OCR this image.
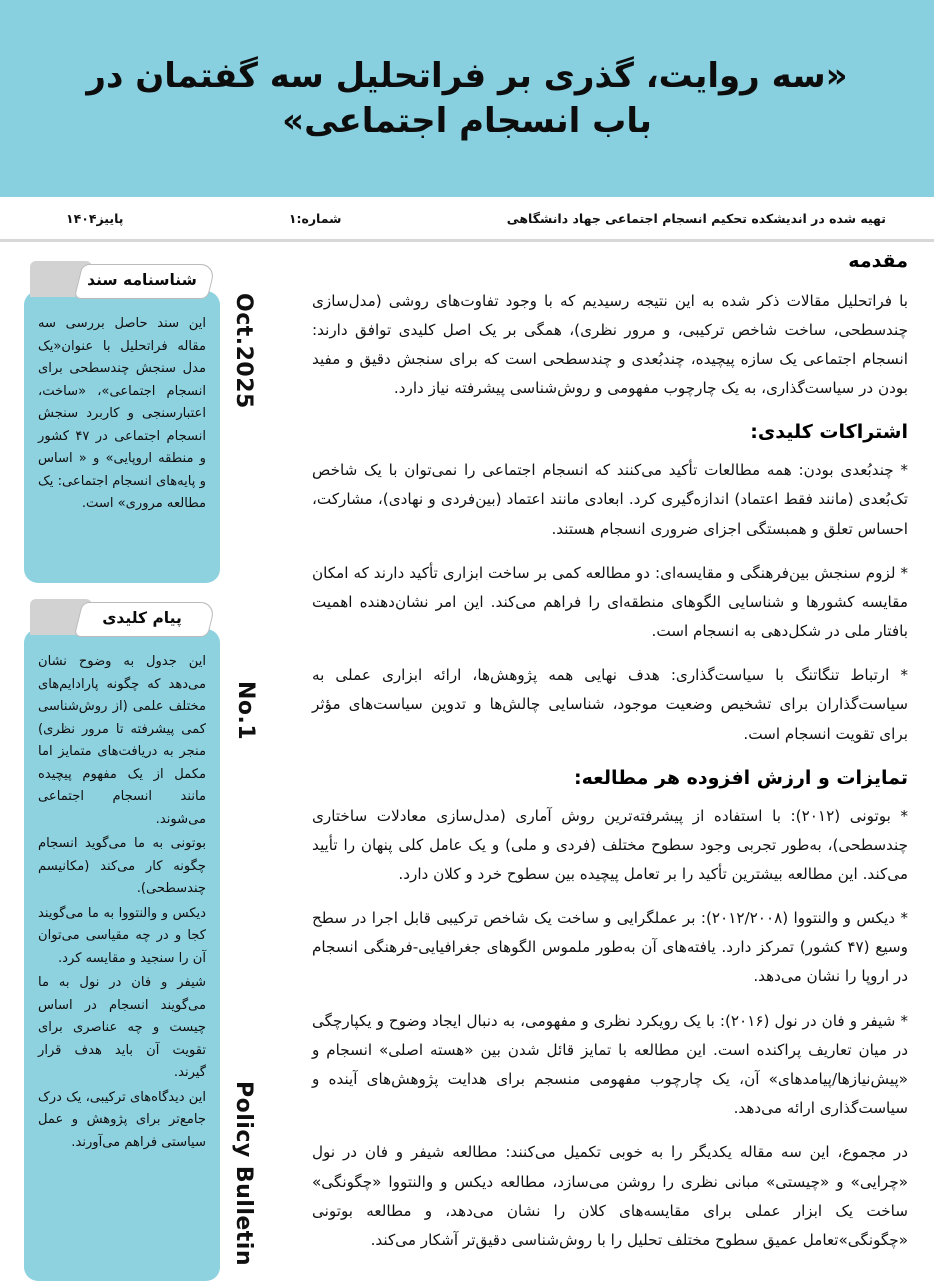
«سه روایت، گذری بر فراتحلیل سه گفتمان در باب انسجام اجتماعی»
تهیه شده در اندیشکده تحکیم انسجام اجتماعی جهاد دانشگاهی
شماره:۱
پاییز۱۴۰۴
مقدمه

با فراتحلیل مقالات ذکر شده به این نتیجه رسیدیم که با وجود تفاوت‌های روشی (مدل‌سازی چندسطحی، ساخت شاخص ترکیبی، و مرور نظری)، همگی بر یک اصل کلیدی توافق دارند: انسجام اجتماعی یک سازه پیچیده، چندبُعدی و چندسطحی است که برای سنجش دقیق و مفید بودن در سیاست‌گذاری، به یک چارچوب مفهومی و روش‌شناسی پیشرفته نیاز دارد.

اشتراکات کلیدی:

* چندبُعدی بودن: همه مطالعات تأکید می‌کنند که انسجام اجتماعی را نمی‌توان با یک شاخص تک‌بُعدی (مانند فقط اعتماد) اندازه‌گیری کرد. ابعادی مانند اعتماد (بین‌فردی و نهادی)، مشارکت، احساس تعلق و همبستگی اجزای ضروری انسجام هستند.

* لزوم سنجش بین‌فرهنگی و مقایسه‌ای: دو مطالعه کمی بر ساخت ابزاری تأکید دارند که امکان مقایسه کشورها و شناسایی الگوهای منطقه‌ای را فراهم می‌کند. این امر نشان‌دهنده اهمیت بافتار ملی در شکل‌دهی به انسجام است.

* ارتباط تنگاتنگ با سیاست‌گذاری: هدف نهایی همه پژوهش‌ها، ارائه ابزاری عملی به سیاست‌گذاران برای تشخیص وضعیت موجود، شناسایی چالش‌ها و تدوین سیاست‌های مؤثر برای تقویت انسجام است.

تمایزات و ارزش افزوده هر مطالعه:

* بوتونی (۲۰۱۲): با استفاده از پیشرفته‌ترین روش آماری (مدل‌سازی معادلات ساختاری چندسطحی)، به‌طور تجربی وجود سطوح مختلف (فردی و ملی) و یک عامل کلی پنهان را تأیید می‌کند. این مطالعه بیشترین تأکید را بر تعامل پیچیده بین سطوح خرد و کلان دارد.

* دیکس و والنتووا (۲۰۱۲/۲۰۰۸): بر عملگرایی و ساخت یک شاخص ترکیبی قابل اجرا در سطح وسیع (۴۷ کشور) تمرکز دارد. یافته‌های آن به‌طور ملموس الگوهای جغرافیایی-فرهنگی انسجام در اروپا را نشان می‌دهد.

* شیفر و فان در نول (۲۰۱۶): با یک رویکرد نظری و مفهومی، به دنبال ایجاد وضوح و یکپارچگی در میان تعاریف پراکنده است. این مطالعه با تمایز قائل شدن بین «هسته اصلی» انسجام و «پیش‌نیازها/پیامدهای» آن، یک چارچوب مفهومی منسجم برای هدایت پژوهش‌های آینده و سیاست‌گذاری ارائه می‌دهد.

در مجموع، این سه مقاله یکدیگر را به خوبی تکمیل می‌کنند: مطالعه شیفر و فان در نول «چرایی» و «چیستی» مبانی نظری را روشن می‌سازد، مطالعه دیکس و والنتووا «چگونگی» ساخت یک ابزار عملی برای مقایسه‌های کلان را نشان می‌دهد، و مطالعه بوتونی «چگونگی»تعامل عمیق سطوح مختلف تحلیل را با روش‌شناسی دقیق‌تر آشکار می‌کند.

شناسنامه سند

این سند حاصل بررسی سه مقاله فراتحلیل با عنوان«یک مدل سنجش چندسطحی برای انسجام اجتماعی»، «ساخت، اعتبارسنجی و کاربرد سنجش انسجام اجتماعی در ۴۷ کشور و منطقه اروپایی» و « اساس و پایه‌های انسجام اجتماعی: یک مطالعه مروری» است.

پیام کلیدی

این جدول به وضوح نشان می‌دهد که چگونه پارادایم‌های مختلف علمی (از روش‌شناسی کمی پیشرفته تا مرور نظری) منجر به دریافت‌های متمایز اما مکمل از یک مفهوم پیچیده مانند انسجام اجتماعی می‌شوند.

بوتونی به ما می‌گوید انسجام چگونه کار می‌کند (مکانیسم چندسطحی).

دیکس و والنتووا به ما می‌گویند کجا و در چه مقیاسی می‌توان آن را سنجید و مقایسه کرد.

شیفر و فان در نول به ما می‌گویند انسجام در اساس چیست و چه عناصری برای تقویت آن باید هدف قرار گیرند.

این دیدگاه‌های ترکیبی، یک درک جامع‌تر برای پژوهش و عمل سیاستی فراهم می‌آورند.

Oct.2025
No.1
Policy Bulletin
